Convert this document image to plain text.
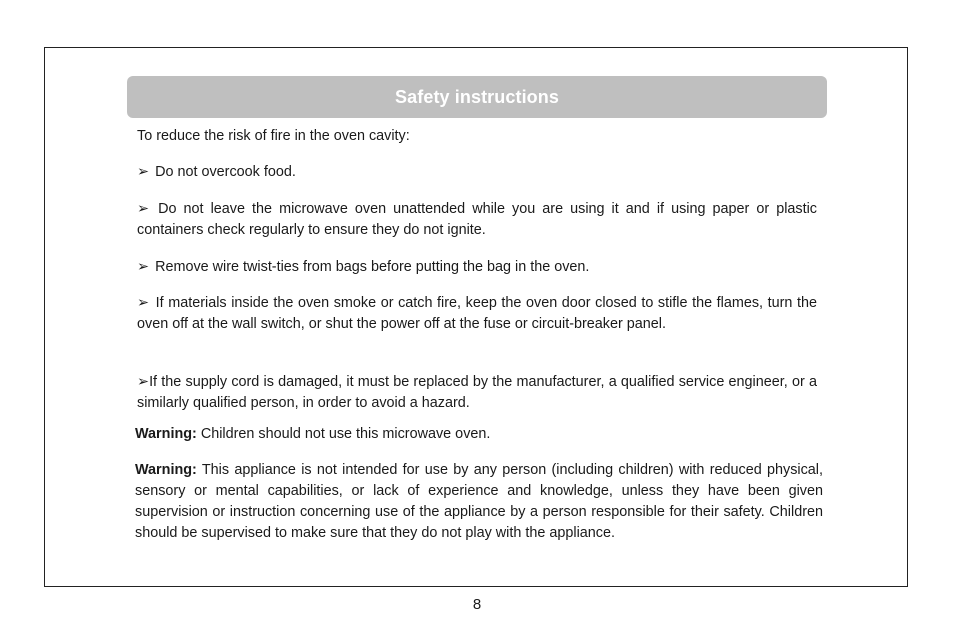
Safety instructions

To reduce the risk of fire in the oven cavity:

➢ Do not overcook food.

➢ Do not leave the microwave oven unattended while you are using it and if using paper or plastic containers check regularly to ensure they do not ignite.

➢ Remove wire twist-ties from bags before putting the bag in the oven.

➢ If materials inside the oven smoke or catch fire, keep the oven door closed to stifle the flames, turn the oven off at the wall switch, or shut the power off at the fuse or circuit-breaker panel.

➢If the supply cord is damaged, it must be replaced by the manufacturer, a qualified service engineer, or a similarly qualified person, in order to avoid a hazard.

Warning: Children should not use this microwave oven.

Warning: This appliance is not intended for use by any person (including children) with reduced physical, sensory or mental capabilities, or lack of experience and knowledge, unless they have been given supervision or instruction concerning use of the appliance by a person responsible for their safety. Children should be supervised to make sure that they do not play with the appliance.

8
